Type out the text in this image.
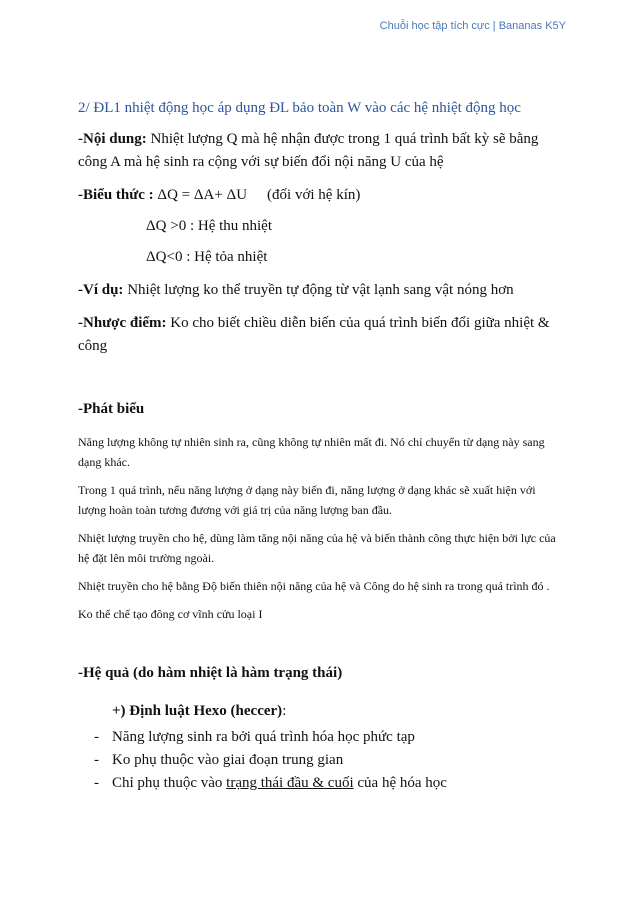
Chuỗi học tập tích cực | Bananas K5Y
2/ ĐL1 nhiệt động học áp dụng ĐL bảo toàn W vào các hệ nhiệt động học
-Nội dung: Nhiệt lượng Q mà hệ nhận được trong 1 quá trình bất kỳ sẽ bằng công A mà hệ sinh ra cộng với sự biến đổi nội năng U của hệ
-Biểu thức : ΔQ = ΔA+ ΔU (đối với hệ kín)
ΔQ >0 : Hệ thu nhiệt
ΔQ<0 : Hệ tỏa nhiệt
-Ví dụ: Nhiệt lượng ko thể truyền tự động từ vật lạnh sang vật nóng hơn
-Nhược điểm: Ko cho biết chiều diễn biến của quá trình biến đổi giữa nhiệt & công
-Phát biểu
Năng lượng không tự nhiên sinh ra, cũng không tự nhiên mất đi. Nó chỉ chuyển từ dạng này sang dạng khác.
Trong 1 quá trình, nếu năng lượng ở dạng này biến đi, năng lượng ở dạng khác sẽ xuất hiện với lượng hoàn toàn tương đương với giá trị của năng lượng ban đầu.
Nhiệt lượng truyền cho hệ, dùng làm tăng nội năng của hệ và biến thành công thực hiện bởi lực của hệ đặt lên môi trường ngoài.
Nhiệt truyền cho hệ bằng Độ biến thiên nội năng của hệ và Công do hệ sinh ra trong quá trình đó .
Ko thể chế tạo đông cơ vĩnh cửu loại I
-Hệ quả (do hàm nhiệt là hàm trạng thái)
+) Định luật Hexo (heccer):
- Năng lượng sinh ra bởi quá trình hóa học phức tạp
- Ko phụ thuộc vào giai đoạn trung gian
- Chỉ phụ thuộc vào trạng thái đầu & cuối của hệ hóa học
